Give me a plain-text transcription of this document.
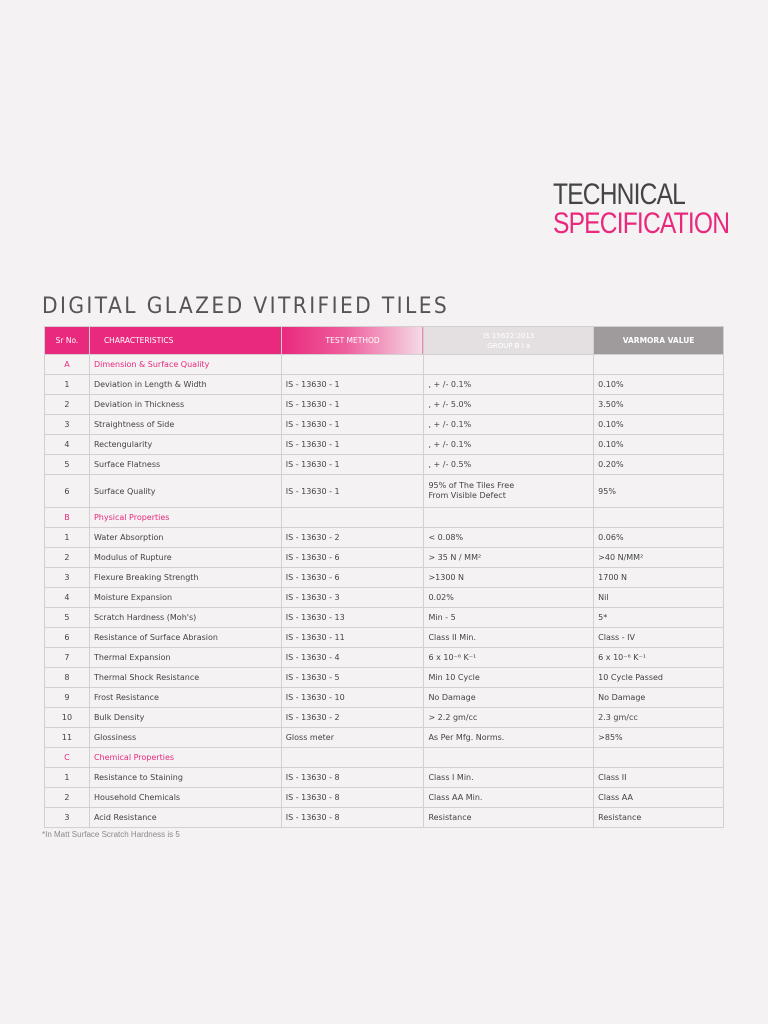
TECHNICAL
SPECIFICATION
DIGITAL GLAZED VITRIFIED TILES
Sr No.	CHARACTERISTICS	TEST METHOD	IS 15622:2013
GROUP B I a	VARMORA VALUE
A	Dimension & Surface Quality			
1	Deviation in Length & Width	IS - 13630 - 1	, + /- 0.1%	0.10%
2	Deviation in Thickness	IS - 13630 - 1	, + /- 5.0%	3.50%
3	Straightness of Side	IS - 13630 - 1	, + /- 0.1%	0.10%
4	Rectengularity	IS - 13630 - 1	, + /- 0.1%	0.10%
5	Surface Flatness	IS - 13630 - 1	, + /- 0.5%	0.20%
6	Surface Quality	IS - 13630 - 1	95% of The Tiles Free
From Visible Defect	95%
B	Physical Properties			
1	Water Absorption	IS - 13630 - 2	< 0.08%	0.06%
2	Modulus of Rupture	IS - 13630 - 6	> 35 N / MM²	>40 N/MM²
3	Flexure Breaking Strength	IS - 13630 - 6	>1300 N	1700 N
4	Moisture Expansion	IS - 13630 - 3	0.02%	Nil
5	Scratch Hardness (Moh's)	IS - 13630 - 13	Min - 5	5*
6	Resistance of Surface Abrasion	IS - 13630 - 11	Class II Min.	Class - IV
7	Thermal Expansion	IS - 13630 - 4	6 x 10⁻⁶ K⁻¹	6 x 10⁻⁶ K⁻¹
8	Thermal Shock Resistance	IS - 13630 - 5	Min 10 Cycle	10 Cycle Passed
9	Frost Resistance	IS - 13630 - 10	No Damage	No Damage
10	Bulk Density	IS - 13630 - 2	> 2.2 gm/cc	2.3 gm/cc
11	Glossiness	Gloss meter	As Per Mfg. Norms.	>85%
C	Chemical Properties			
1	Resistance to Staining	IS - 13630 - 8	Class I Min.	Class II
2	Household Chemicals	IS - 13630 - 8	Class AA Min.	Class AA
3	Acid Resistance	IS - 13630 - 8	Resistance	Resistance
*In Matt Surface Scratch Hardness is 5
